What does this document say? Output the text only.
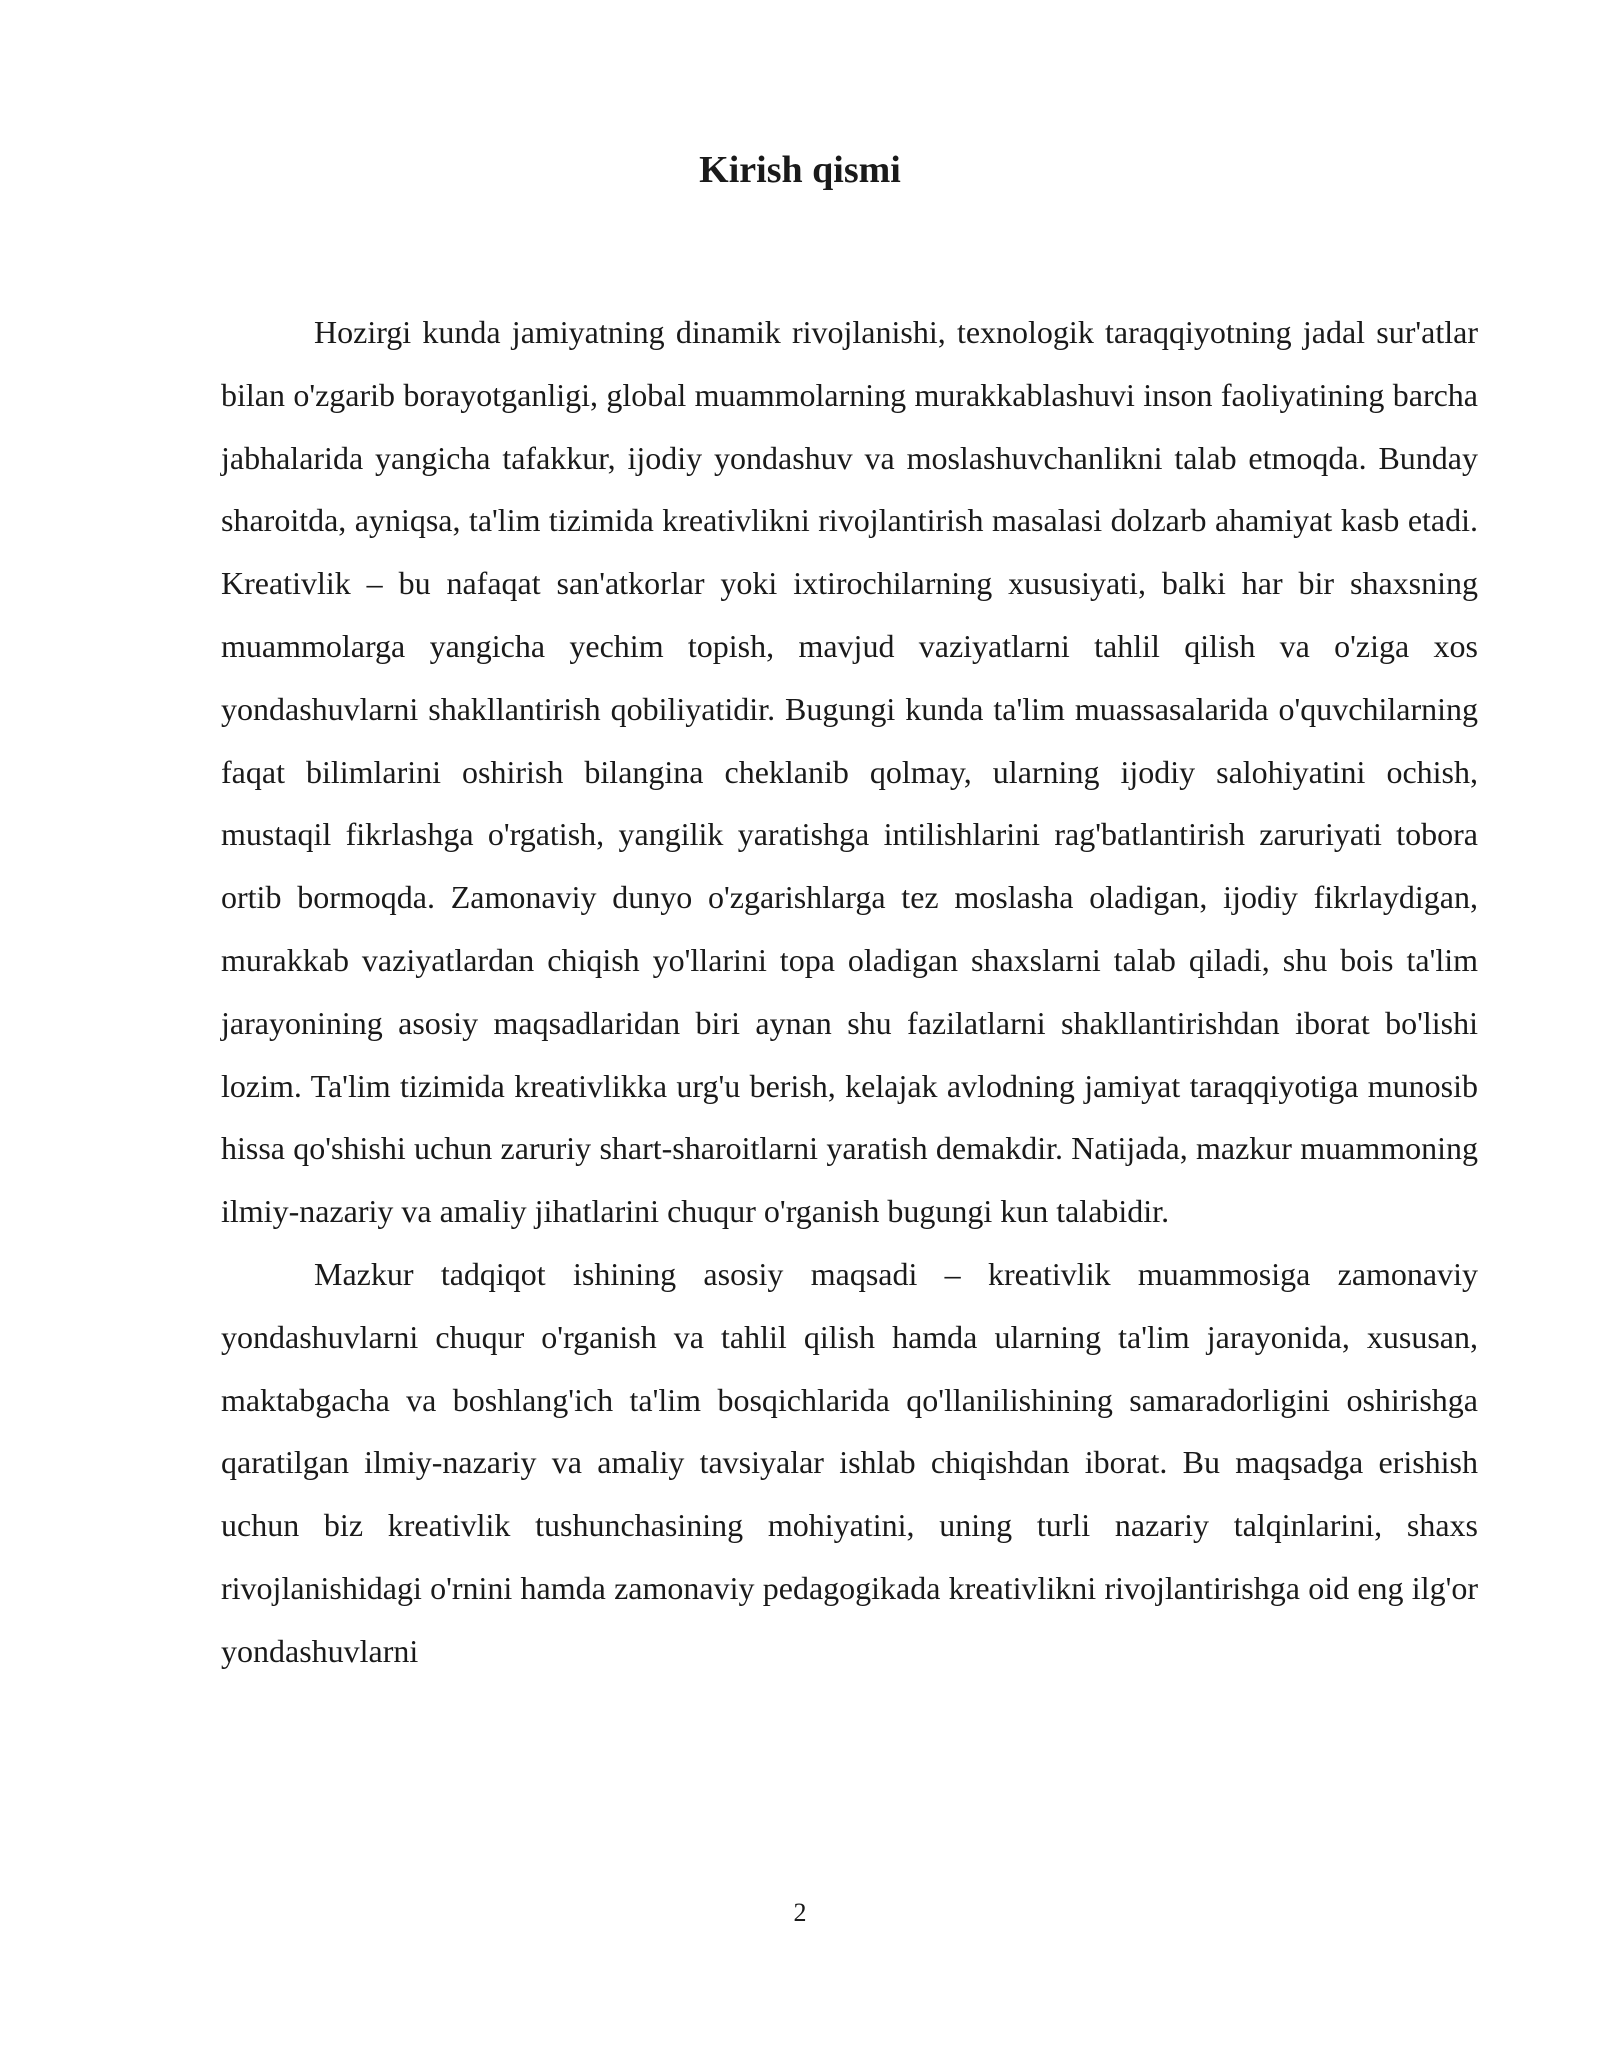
Kirish qismi

Hozirgi kunda jamiyatning dinamik rivojlanishi, texnologik taraqqiyotning jadal sur'atlar bilan o'zgarib borayotganligi, global muammolarning murakkablashuvi inson faoliyatining barcha jabhalarida yangicha tafakkur, ijodiy yondashuv va moslashuvchanlikni talab etmoqda. Bunday sharoitda, ayniqsa, ta'lim tizimida kreativlikni rivojlantirish masalasi dolzarb ahamiyat kasb etadi. Kreativlik – bu nafaqat san'atkorlar yoki ixtirochilarning xususiyati, balki har bir shaxsning muammolarga yangicha yechim topish, mavjud vaziyatlarni tahlil qilish va o'ziga xos yondashuvlarni shakllantirish qobiliyatidir. Bugungi kunda ta'lim muassasalarida o'quvchilarning faqat bilimlarini oshirish bilangina cheklanib qolmay, ularning ijodiy salohiyatini ochish, mustaqil fikrlashga o'rgatish, yangilik yaratishga intilishlarini rag'batlantirish zaruriyati tobora ortib bormoqda. Zamonaviy dunyo o'zgarishlarga tez moslasha oladigan, ijodiy fikrlaydigan, murakkab vaziyatlardan chiqish yo'llarini topa oladigan shaxslarni talab qiladi, shu bois ta'lim jarayonining asosiy maqsadlaridan biri aynan shu fazilatlarni shakllantirishdan iborat bo'lishi lozim. Ta'lim tizimida kreativlikka urg'u berish, kelajak avlodning jamiyat taraqqiyotiga munosib hissa qo'shishi uchun zaruriy shart-sharoitlarni yaratish demakdir. Natijada, mazkur muammoning ilmiy-nazariy va amaliy jihatlarini chuqur o'rganish bugungi kun talabidir.

Mazkur tadqiqot ishining asosiy maqsadi – kreativlik muammosiga zamonaviy yondashuvlarni chuqur o'rganish va tahlil qilish hamda ularning ta'lim jarayonida, xususan, maktabgacha va boshlang'ich ta'lim bosqichlarida qo'llanilishining samaradorligini oshirishga qaratilgan ilmiy-nazariy va amaliy tavsiyalar ishlab chiqishdan iborat. Bu maqsadga erishish uchun biz kreativlik tushunchasining mohiyatini, uning turli nazariy talqinlarini, shaxs rivojlanishidagi o'rnini hamda zamonaviy pedagogikada kreativlikni rivojlantirishga oid eng ilg'or yondashuvlarni

2
